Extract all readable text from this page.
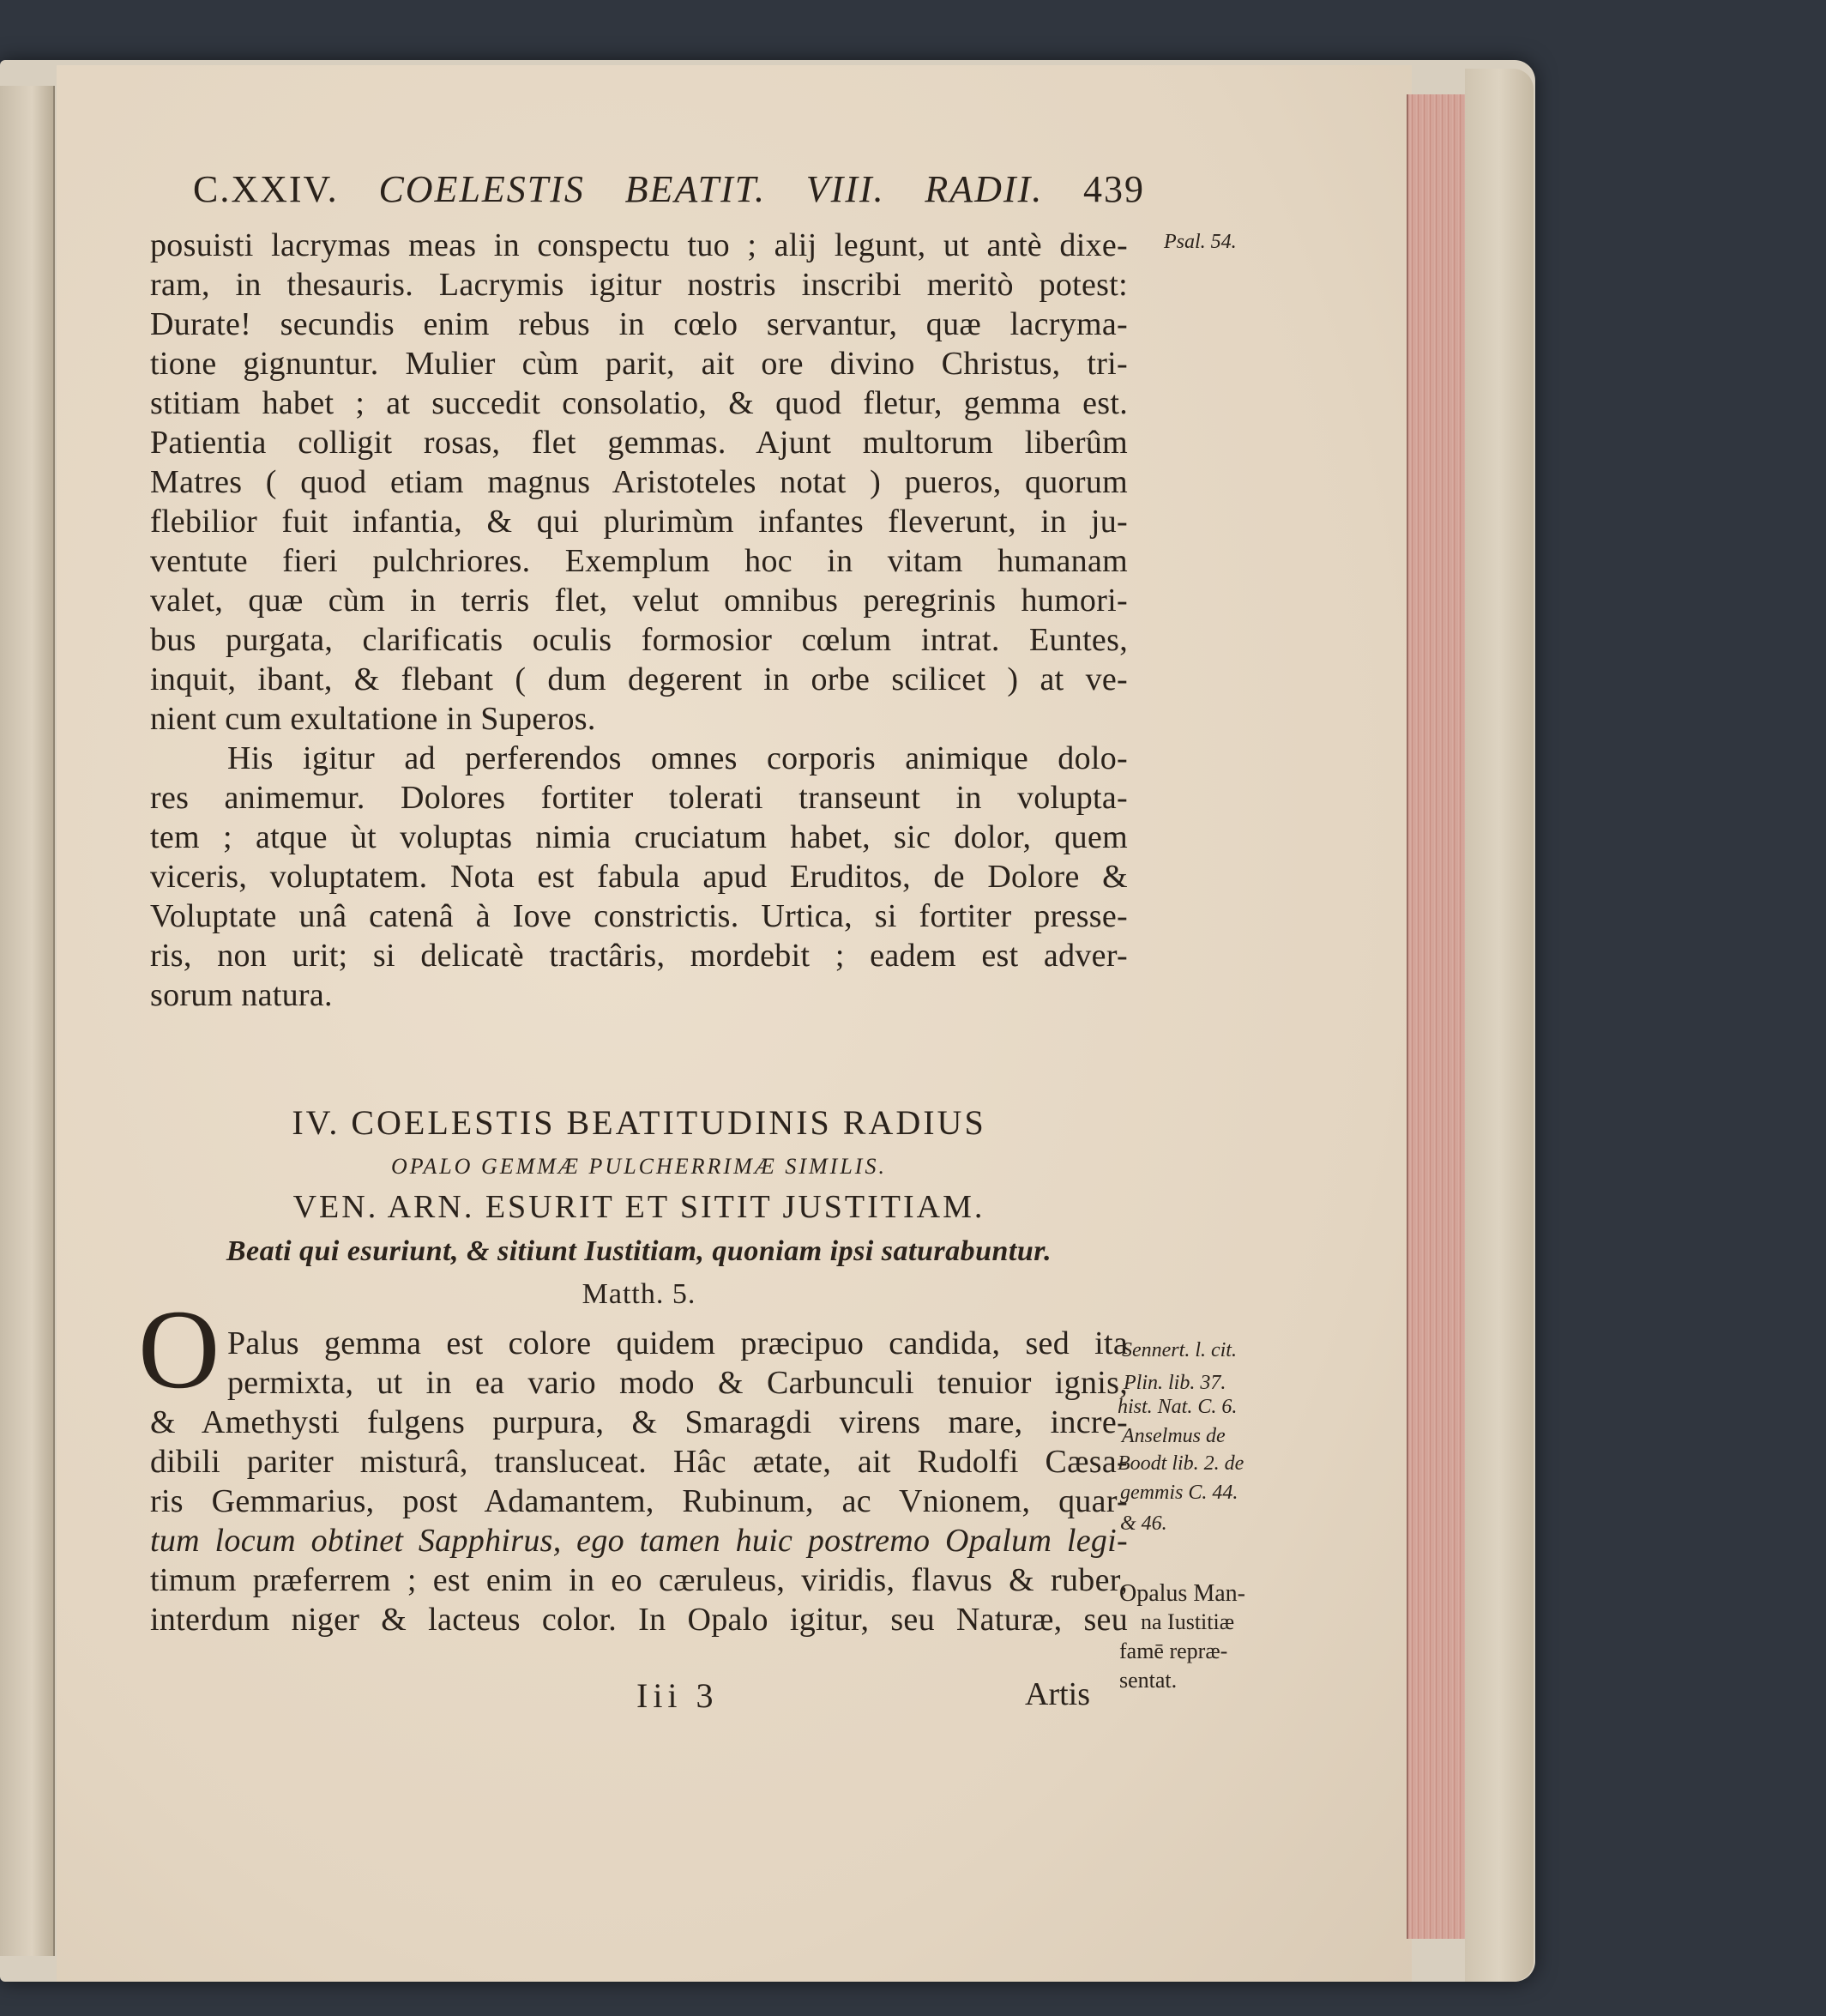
C.XXIV. COELESTIS BEATIT. VIII. RADII. 439
posuisti lacrymas meas in conspectu tuo ; alij legunt, ut antè dixe-
ram, in thesauris. Lacrymis igitur nostris inscribi meritò potest:
Durate! secundis enim rebus in cœlo servantur, quæ lacryma-
tione gignuntur. Mulier cùm parit, ait ore divino Christus, tri-
stitiam habet ; at succedit consolatio, & quod fletur, gemma est.
Patientia colligit rosas, flet gemmas. Ajunt multorum liberûm
Matres ( quod etiam magnus Aristoteles notat ) pueros, quorum
flebilior fuit infantia, & qui plurimùm infantes fleverunt, in ju-
ventute fieri pulchriores. Exemplum hoc in vitam humanam
valet, quæ cùm in terris flet, velut omnibus peregrinis humori-
bus purgata, clarificatis oculis formosior cœlum intrat. Euntes,
inquit, ibant, & flebant ( dum degerent in orbe scilicet ) at ve-
nient cum exultatione in Superos.
His igitur ad perferendos omnes corporis animique dolo-
res animemur. Dolores fortiter tolerati transeunt in volupta-
tem ; atque ùt voluptas nimia cruciatum habet, sic dolor, quem
viceris, voluptatem. Nota est fabula apud Eruditos, de Dolore &
Voluptate unâ catenâ à Iove constrictis. Urtica, si fortiter presse-
ris, non urit; si delicatè tractâris, mordebit ; eadem est adver-
sorum natura.
IV. COELESTIS BEATITUDINIS RADIUS
OPALO GEMMÆ PULCHERRIMÆ SIMILIS.
VEN. ARN. ESURIT ET SITIT JUSTITIAM.
Beati qui esuriunt, & sitiunt Iustitiam, quoniam ipsi saturabuntur.
Matth. 5.
O Palus gemma est colore quidem præcipuo candida, sed ita
permixta, ut in ea vario modo & Carbunculi tenuior ignis,
& Amethysti fulgens purpura, & Smaragdi virens mare, incre-
dibili pariter misturâ, transluceat. Hâc ætate, ait Rudolfi Cæsa-
ris Gemmarius, post Adamantem, Rubinum, ac Vnionem, quar-
tum locum obtinet Sapphirus, ego tamen huic postremo Opalum legi-
timum præferrem ; est enim in eo cæruleus, viridis, flavus & ruber,
interdum niger & lacteus color. In Opalo igitur, seu Naturæ, seu
Iii 3	Artis
Psal. 54.
Sennert. l. cit.
Plin. lib. 37.
hist. Nat. C. 6.
Anselmus de
Boodt lib. 2. de
gemmis C. 44.
& 46.
Opalus Man-
na Iustitiæ
famē repræ-
sentat.
